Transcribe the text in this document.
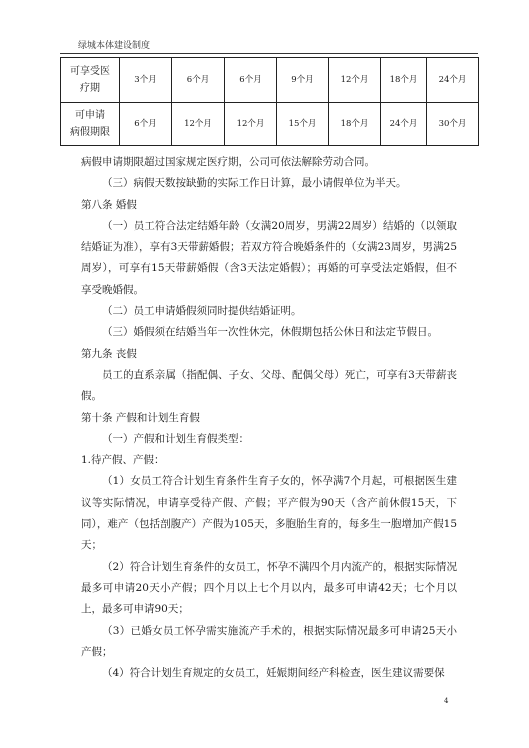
绿城本体建设制度
可享受医
疗期	3个月	6个月	6个月	9个月	12个月	18个月	24个月
可申请
病假期限	6个月	12个月	12个月	15个月	18个月	24个月	30个月

病假申请期限超过国家规定医疗期，公司可依法解除劳动合同。

（三）病假天数按缺勤的实际工作日计算，最小请假单位为半天。

第八条 婚假

（一）员工符合法定结婚年龄（女满20周岁，男满22周岁）结婚的（以领取结婚证为准），享有3天带薪婚假；若双方符合晚婚条件的（女满23周岁，男满25周岁），可享有15天带薪婚假（含3天法定婚假）；再婚的可享受法定婚假，但不享受晚婚假。

（二）员工申请婚假须同时提供结婚证明。

（三）婚假须在结婚当年一次性休完，休假期包括公休日和法定节假日。

第九条 丧假

员工的直系亲属（指配偶、子女、父母、配偶父母）死亡，可享有3天带薪丧假。

第十条 产假和计划生育假

（一）产假和计划生育假类型：

1.待产假、产假：

（1）女员工符合计划生育条件生育子女的，怀孕满7个月起，可根据医生建议等实际情况，申请享受待产假、产假；平产假为90天（含产前休假15天，下同），难产（包括剖腹产）产假为105天，多胞胎生育的，每多生一胞增加产假15天；

（2）符合计划生育条件的女员工，怀孕不满四个月内流产的，根据实际情况最多可申请20天小产假；四个月以上七个月以内，最多可申请42天；七个月以上，最多可申请90天；

（3）已婚女员工怀孕需实施流产手术的，根据实际情况最多可申请25天小产假；

（4）符合计划生育规定的女员工，妊娠期间经产科检查，医生建议需要保

4
